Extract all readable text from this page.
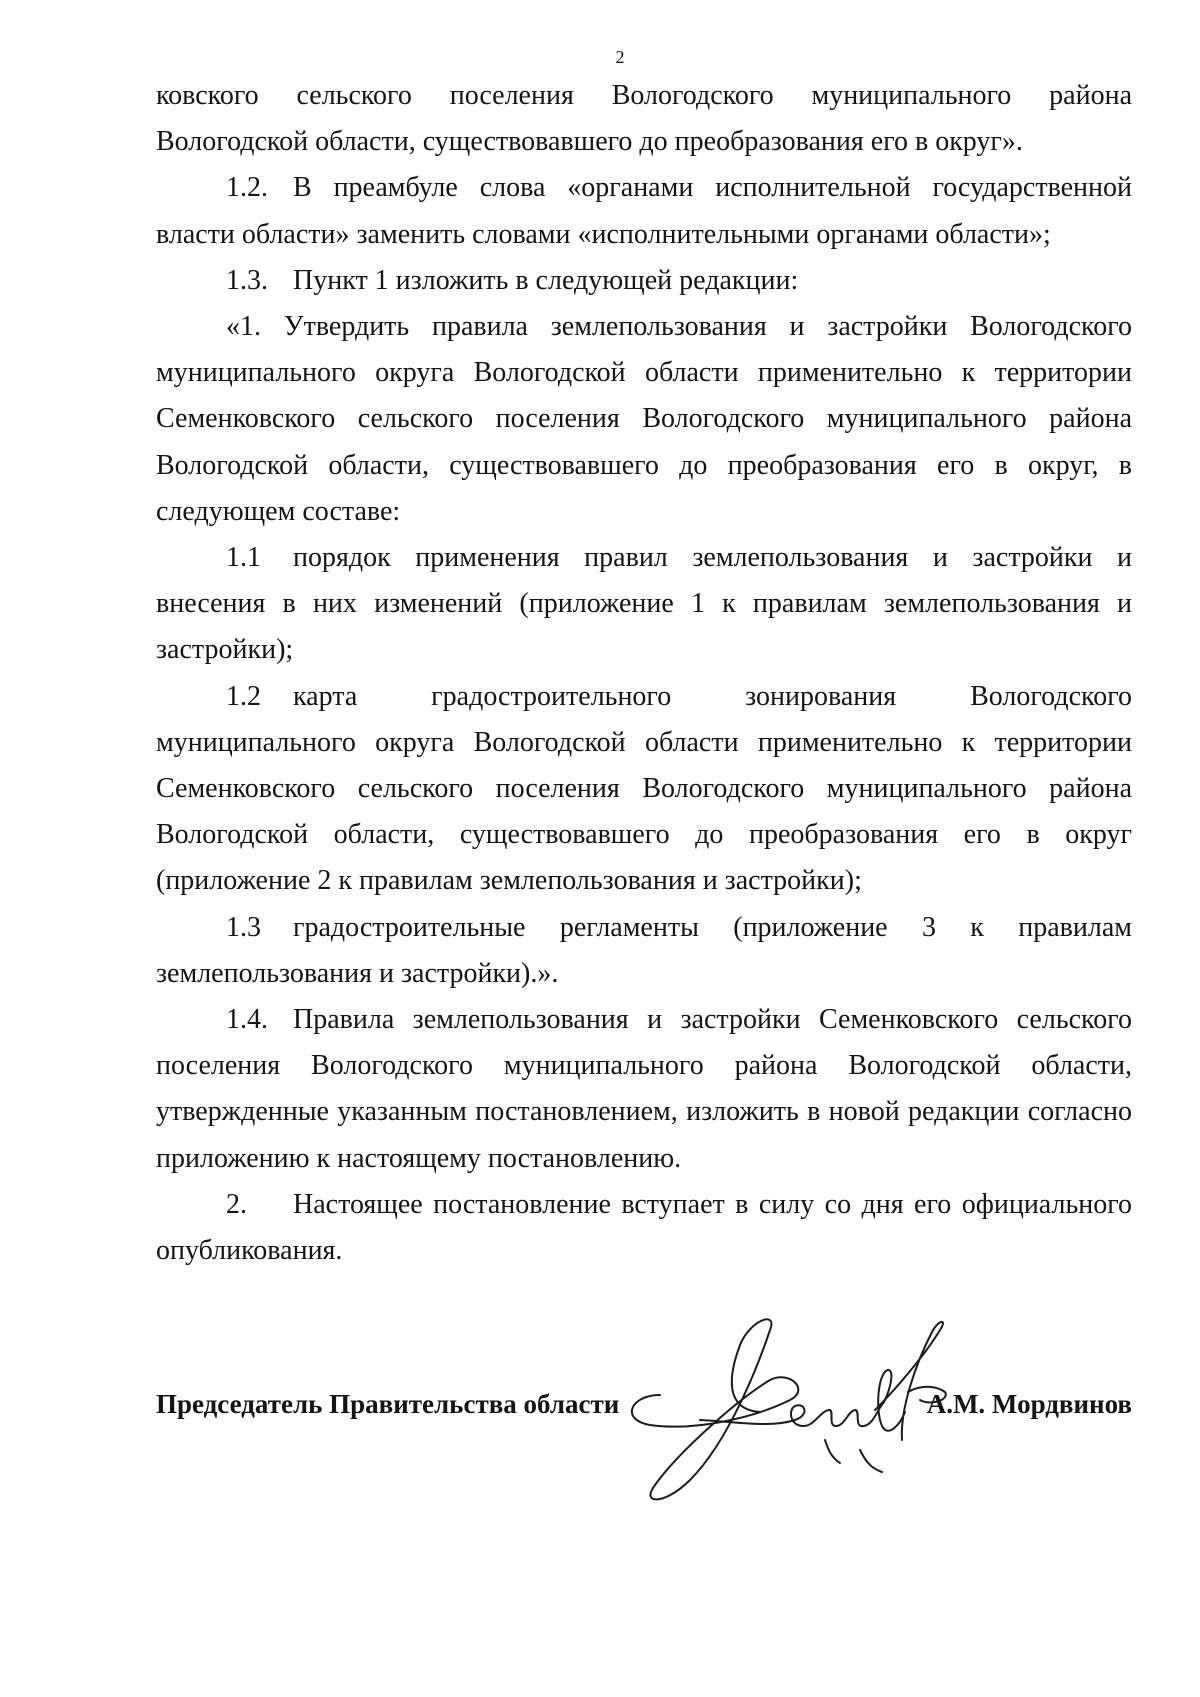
2

ковского сельского поселения Вологодского муниципального района Вологодской области, существовавшего до преобразования его в округ».

1.2. В преамбуле слова «органами исполнительной государственной власти области» заменить словами «исполнительными органами области»;

1.3. Пункт 1 изложить в следующей редакции:

«1. Утвердить правила землепользования и застройки Вологодского муниципального округа Вологодской области применительно к территории Семенковского сельского поселения Вологодского муниципального района Вологодской области, существовавшего до преобразования его в округ, в следующем составе:

1.1 порядок применения правил землепользования и застройки и внесения в них изменений (приложение 1 к правилам землепользования и застройки);

1.2 карта градостроительного зонирования Вологодского муниципального округа Вологодской области применительно к территории Семенковского сельского поселения Вологодского муниципального района Вологодской области, существовавшего до преобразования его в округ (приложение 2 к правилам землепользования и застройки);

1.3 градостроительные регламенты (приложение 3 к правилам землепользования и застройки).».

1.4. Правила землепользования и застройки Семенковского сельского поселения Вологодского муниципального района Вологодской области, утвержденные указанным постановлением, изложить в новой редакции согласно приложению к настоящему постановлению.

2. Настоящее постановление вступает в силу со дня его официального опубликования.

Председатель Правительства области	А.М. Мордвинов
